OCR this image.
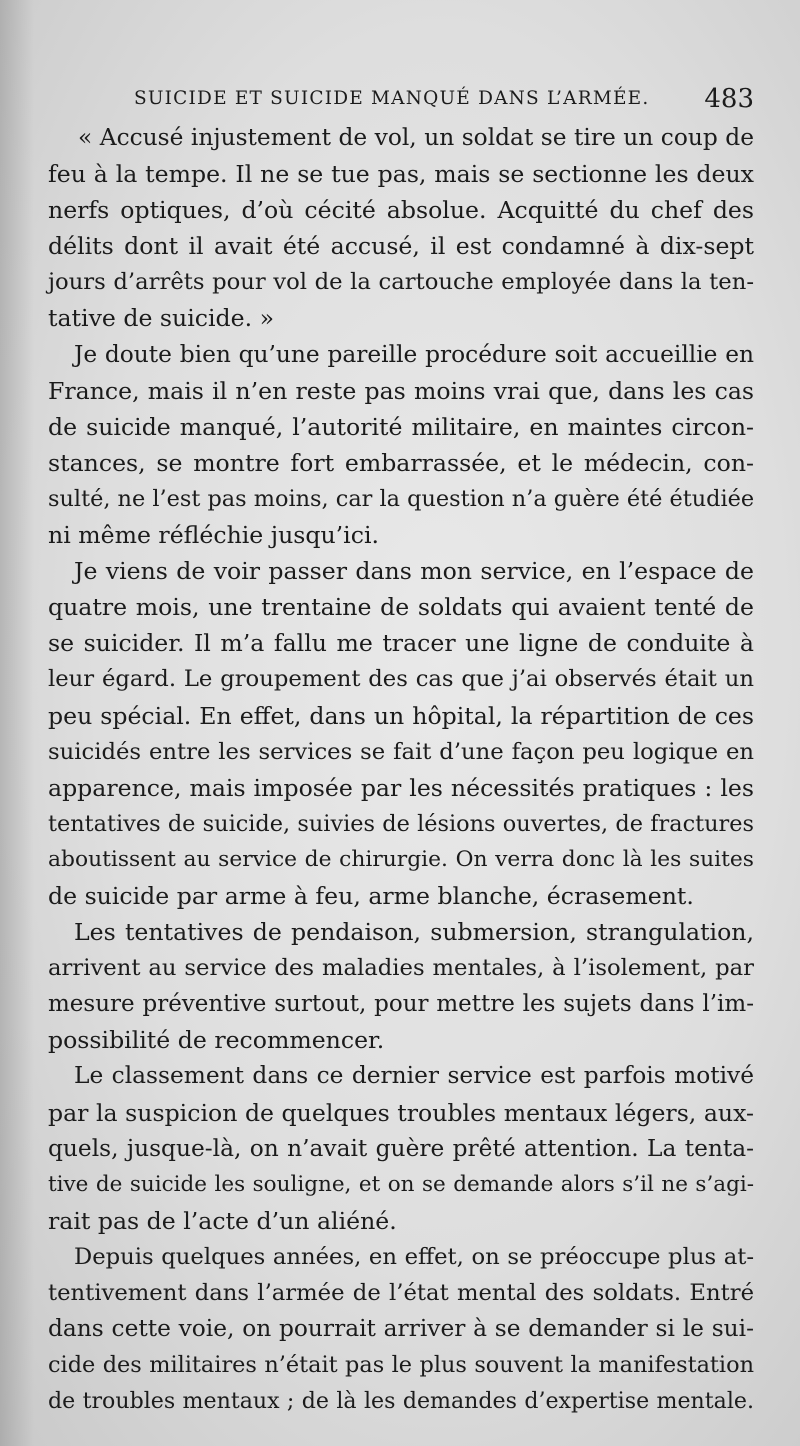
SUICIDE ET SUICIDE MANQUÉ DANS L’ARMÉE. 483
« Accusé injustement de vol, un soldat se tire un coup de
feu à la tempe. Il ne se tue pas, mais se sectionne les deux
nerfs optiques, d’où cécité absolue. Acquitté du chef des
délits dont il avait été accusé, il est condamné à dix-sept
jours d’arrêts pour vol de la cartouche employée dans la ten-
tative de suicide. »
Je doute bien qu’une pareille procédure soit accueillie en
France, mais il n’en reste pas moins vrai que, dans les cas
de suicide manqué, l’autorité militaire, en maintes circon-
stances, se montre fort embarrassée, et le médecin, con-
sulté, ne l’est pas moins, car la question n’a guère été étudiée
ni même réfléchie jusqu’ici.
Je viens de voir passer dans mon service, en l’espace de
quatre mois, une trentaine de soldats qui avaient tenté de
se suicider. Il m’a fallu me tracer une ligne de conduite à
leur égard. Le groupement des cas que j’ai observés était un
peu spécial. En effet, dans un hôpital, la répartition de ces
suicidés entre les services se fait d’une façon peu logique en
apparence, mais imposée par les nécessités pratiques : les
tentatives de suicide, suivies de lésions ouvertes, de fractures
aboutissent au service de chirurgie. On verra donc là les suites
de suicide par arme à feu, arme blanche, écrasement.
Les tentatives de pendaison, submersion, strangulation,
arrivent au service des maladies mentales, à l’isolement, par
mesure préventive surtout, pour mettre les sujets dans l’im-
possibilité de recommencer.
Le classement dans ce dernier service est parfois motivé
par la suspicion de quelques troubles mentaux légers, aux-
quels, jusque-là, on n’avait guère prêté attention. La tenta-
tive de suicide les souligne, et on se demande alors s’il ne s’agi-
rait pas de l’acte d’un aliéné.
Depuis quelques années, en effet, on se préoccupe plus at-
tentivement dans l’armée de l’état mental des soldats. Entré
dans cette voie, on pourrait arriver à se demander si le sui-
cide des militaires n’était pas le plus souvent la manifestation
de troubles mentaux ; de là les demandes d’expertise mentale.
